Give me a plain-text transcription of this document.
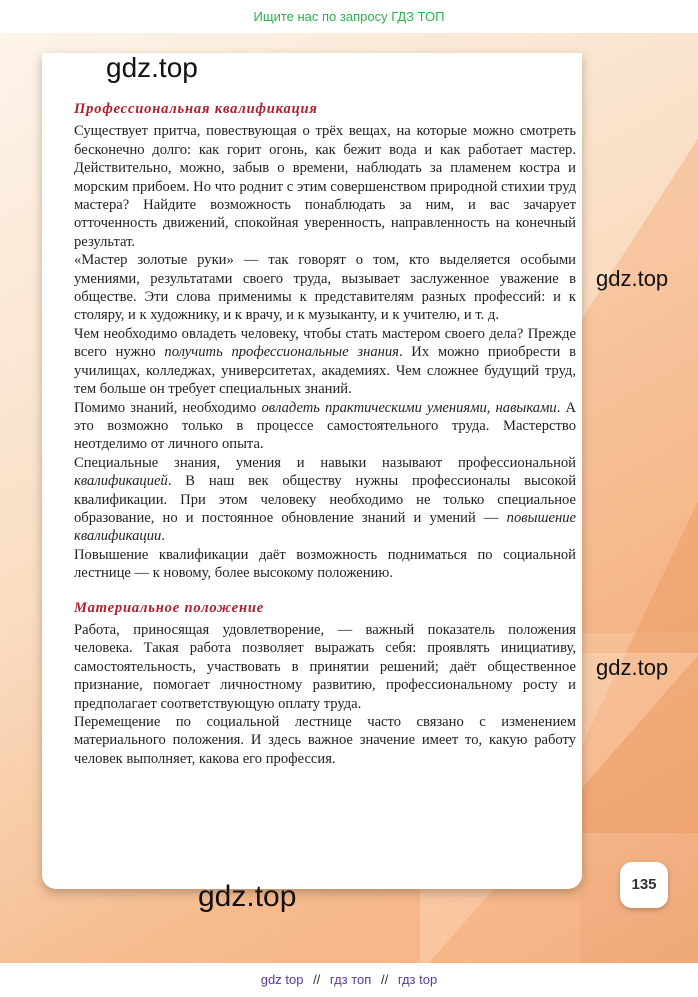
Ищите нас по запросу ГДЗ ТОП
Профессиональная квалификация

Существует притча, повествующая о трёх вещах, на которые можно смотреть бесконечно долго: как горит огонь, как бежит вода и как работает мастер. Действительно, можно, забыв о времени, наблюдать за пламенем костра и морским прибоем. Но что роднит с этим совершенством природной стихии труд мастера? Найдите возможность понаблюдать за ним, и вас зачарует отточенность движений, спокойная уверенность, направленность на конечный результат.

«Мастер золотые руки» — так говорят о том, кто выделяется особыми умениями, результатами своего труда, вызывает заслуженное уважение в обществе. Эти слова применимы к представителям разных профессий: и к столяру, и к художнику, и к врачу, и к музыканту, и к учителю, и т. д.

Чем необходимо овладеть человеку, чтобы стать мастером своего дела? Прежде всего нужно получить профессиональные знания. Их можно приобрести в училищах, колледжах, университетах, академиях. Чем сложнее будущий труд, тем больше он требует специальных знаний.

Помимо знаний, необходимо овладеть практическими умениями, навыками. А это возможно только в процессе самостоятельного труда. Мастерство неотделимо от личного опыта.

Специальные знания, умения и навыки называют профессиональной квалификацией. В наш век обществу нужны профессионалы высокой квалификации. При этом человеку необходимо не только специальное образование, но и постоянное обновление знаний и умений — повышение квалификации.

Повышение квалификации даёт возможность подниматься по социальной лестнице — к новому, более высокому положению.

Материальное положение

Работа, приносящая удовлетворение, — важный показатель положения человека. Такая работа позволяет выражать себя: проявлять инициативу, самостоятельность, участвовать в принятии решений; даёт общественное признание, помогает личностному развитию, профессиональному росту и предполагает соответствующую оплату труда.

Перемещение по социальной лестнице часто связано с изменением материального положения. И здесь важное значение имеет то, какую работу человек выполняет, какова его профессия.

gdz.top
gdz.top
gdz.top
gdz.top	135
gdz top // гдз топ // гдз top
